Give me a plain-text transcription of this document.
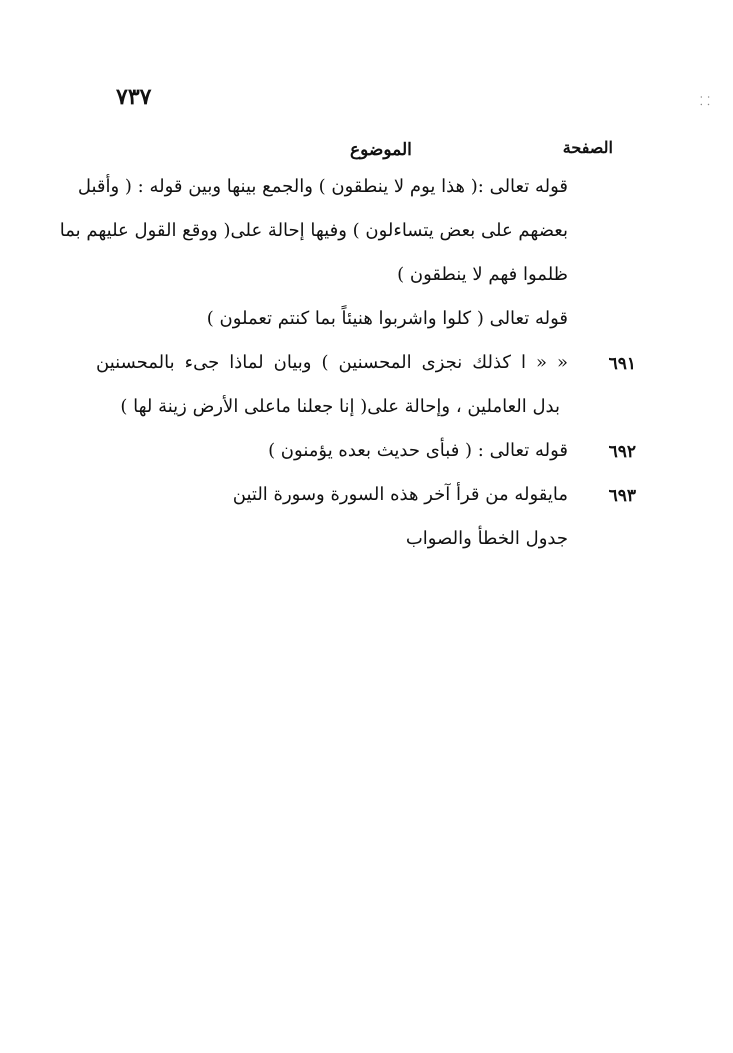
٧٣٧	⸬
الصفحة
الموضوع
قوله تعالى :( هذا يوم لا ينطقون ) والجمع بينها وبين قوله : ( وأقبل
بعضهم على بعض يتساءلون ) وفيها إحالة على( ووقع القول عليهم بما
ظلموا فهم لا ينطقون )
قوله تعالى ( كلوا واشربوا هنيئاً بما كنتم تعملون )
٦٩١
« « ا كذلك نجزى المحسنين ) وبيان لماذا جىء بالمحسنين
بدل العاملين ، وإحالة على( إنا جعلنا ماعلى الأرض زينة لها )
٦٩٢
قوله تعالى : ( فبأى حديث بعده يؤمنون )
٦٩٣
مايقوله من قرأ آخر هذه السورة وسورة التين
جدول الخطأ والصواب
